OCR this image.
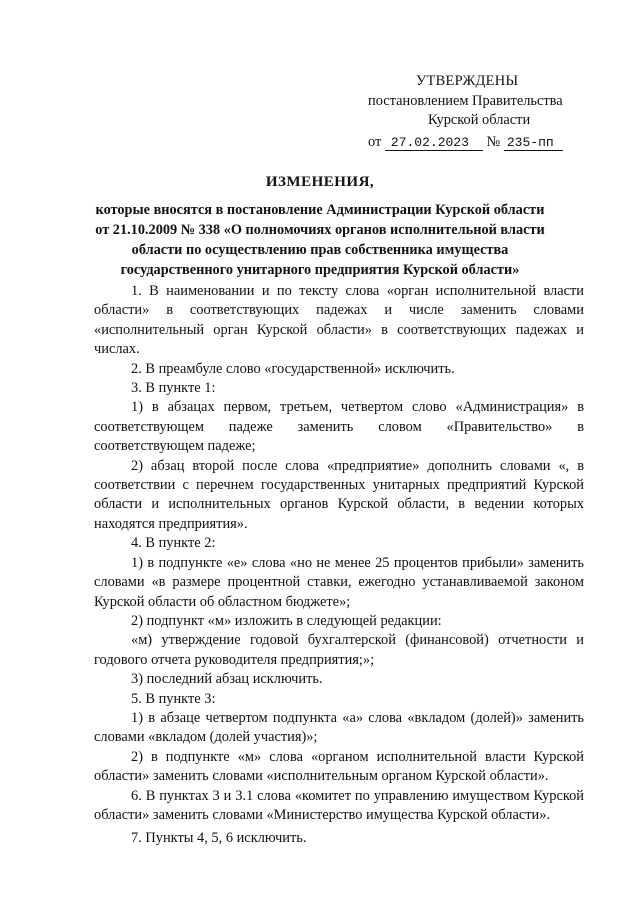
УТВЕРЖДЕНЫ
постановлением Правительства
Курской области
от 27.02.2023 № 235-пп
ИЗМЕНЕНИЯ,
которые вносятся в постановление Администрации Курской области
от 21.10.2009 № 338 «О полномочиях органов исполнительной власти
области по осуществлению прав собственника имущества
государственного унитарного предприятия Курской области»

1. В наименовании и по тексту слова «орган исполнительной власти области» в соответствующих падежах и числе заменить словами «исполнительный орган Курской области» в соответствующих падежах и числах.

2. В преамбуле слово «государственной» исключить.

3. В пункте 1:

1) в абзацах первом, третьем, четвертом слово «Администрация» в соответствующем падеже заменить словом «Правительство» в соответствующем падеже;

2) абзац второй после слова «предприятие» дополнить словами «, в соответствии с перечнем государственных унитарных предприятий Курской области и исполнительных органов Курской области, в ведении которых находятся предприятия».

4. В пункте 2:

1) в подпункте «е» слова «но не менее 25 процентов прибыли» заменить словами «в размере процентной ставки, ежегодно устанавливаемой законом Курской области об областном бюджете»;

2) подпункт «м» изложить в следующей редакции:

«м) утверждение годовой бухгалтерской (финансовой) отчетности и годового отчета руководителя предприятия;»;

3) последний абзац исключить.

5. В пункте 3:

1) в абзаце четвертом подпункта «а» слова «вкладом (долей)» заменить словами «вкладом (долей участия)»;

2) в подпункте «м» слова «органом исполнительной власти Курской области» заменить словами «исполнительным органом Курской области».

6. В пунктах 3 и 3.1 слова «комитет по управлению имуществом Курской области» заменить словами «Министерство имущества Курской области».

7. Пункты 4, 5, 6 исключить.
